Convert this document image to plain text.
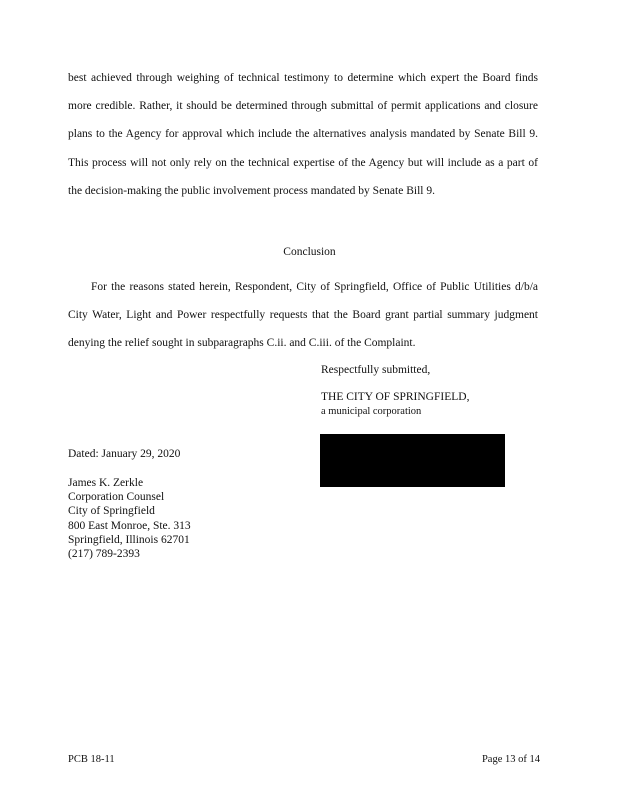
best achieved through weighing of technical testimony to determine which expert the Board finds more credible. Rather, it should be determined through submittal of permit applications and closure plans to the Agency for approval which include the alternatives analysis mandated by Senate Bill 9. This process will not only rely on the technical expertise of the Agency but will include as a part of the decision-making the public involvement process mandated by Senate Bill 9.

Conclusion

For the reasons stated herein, Respondent, City of Springfield, Office of Public Utilities d/b/a City Water, Light and Power respectfully requests that the Board grant partial summary judgment denying the relief sought in subparagraphs C.ii. and C.iii. of the Complaint.

Respectfully submitted,

THE CITY OF SPRINGFIELD,

a municipal corporation

Dated: January 29, 2020

James K. Zerkle
Corporation Counsel
City of Springfield
800 East Monroe, Ste. 313
Springfield, Illinois 62701
(217) 789-2393

PCB 18-11	Page 13 of 14
